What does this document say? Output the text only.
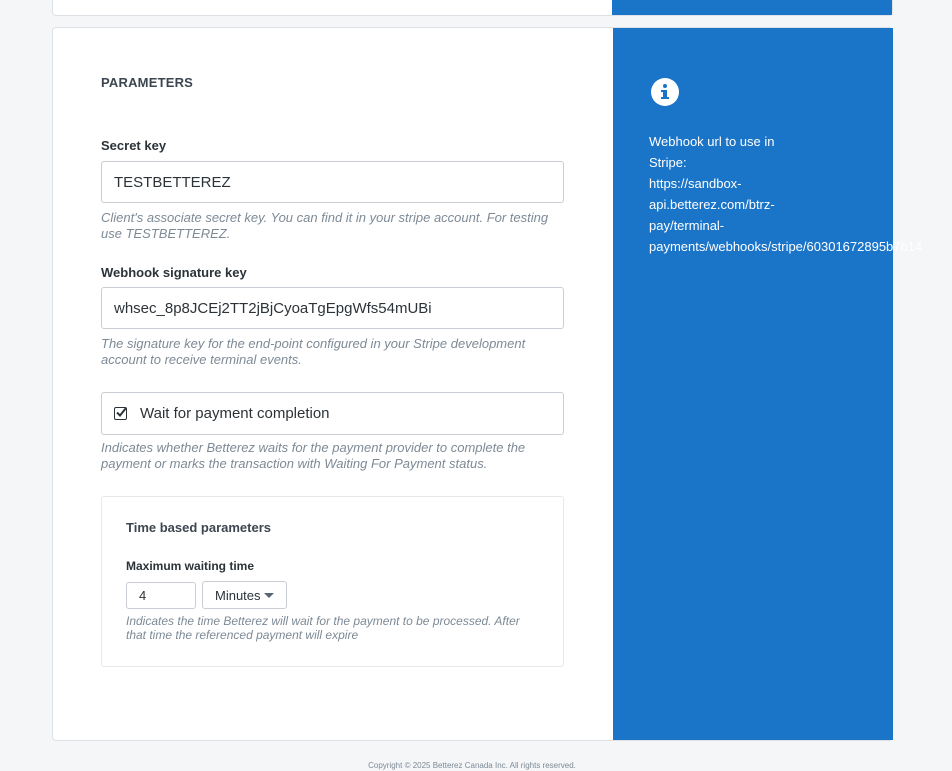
PARAMETERS
Secret key
TESTBETTEREZ
Client's associate secret key. You can find it in your stripe account. For testing use TESTBETTEREZ.
Webhook signature key
whsec_8p8JCEj2TT2jBjCyoaTgEpgWfs54mUBi
The signature key for the end-point configured in your Stripe development account to receive terminal events.
Wait for payment completion
Indicates whether Betterez waits for the payment provider to complete the payment or marks the transaction with Waiting For Payment status.
Time based parameters
Maximum waiting time
4
Minutes
Indicates the time Betterez will wait for the payment to be processed. After that time the referenced payment will expire
Webhook url to use in Stripe:
https://sandbox-
api.betterez.com/btrz-
pay/terminal-
payments/webhooks/stripe/60301672895b7b14
Copyright © 2025 Betterez Canada Inc. All rights reserved.
